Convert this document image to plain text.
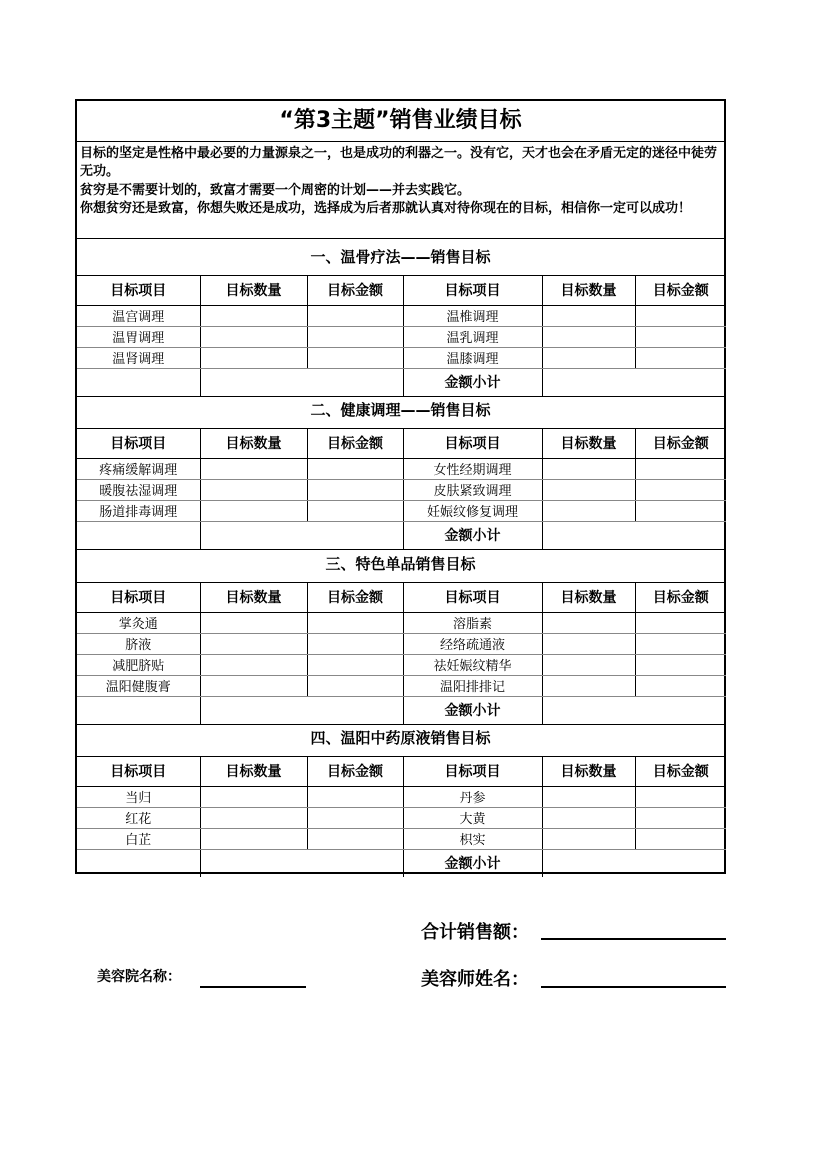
“第3主题”销售业绩目标

目标的坚定是性格中最必要的力量源泉之一，也是成功的利器之一。没有它，天才也会在矛盾无定的迷径中徒劳无功。

贫穷是不需要计划的，致富才需要一个周密的计划——并去实践它。

你想贫穷还是致富，你想失败还是成功，选择成为后者那就认真对待你现在的目标，相信你一定可以成功！

一、温骨疗法——销售目标
目标项目	目标数量	目标金额	目标项目	目标数量	目标金额
温宫调理			温椎调理		
温胃调理			温乳调理		
温肾调理			温膝调理		
			金额小计		
二、健康调理——销售目标
目标项目	目标数量	目标金额	目标项目	目标数量	目标金额
疼痛缓解调理			女性经期调理		
暖腹祛湿调理			皮肤紧致调理		
肠道排毒调理			妊娠纹修复调理		
			金额小计		
三、特色单品销售目标
目标项目	目标数量	目标金额	目标项目	目标数量	目标金额
掌灸通			溶脂素		
脐液			经络疏通液		
减肥脐贴			祛妊娠纹精华		
温阳健腹膏			温阳排排记		
			金额小计		
四、温阳中药原液销售目标
目标项目	目标数量	目标金额	目标项目	目标数量	目标金额
当归			丹参		
红花			大黄		
白芷			枳实		
			金额小计		
合计销售额：
美容院名称：	美容师姓名：
